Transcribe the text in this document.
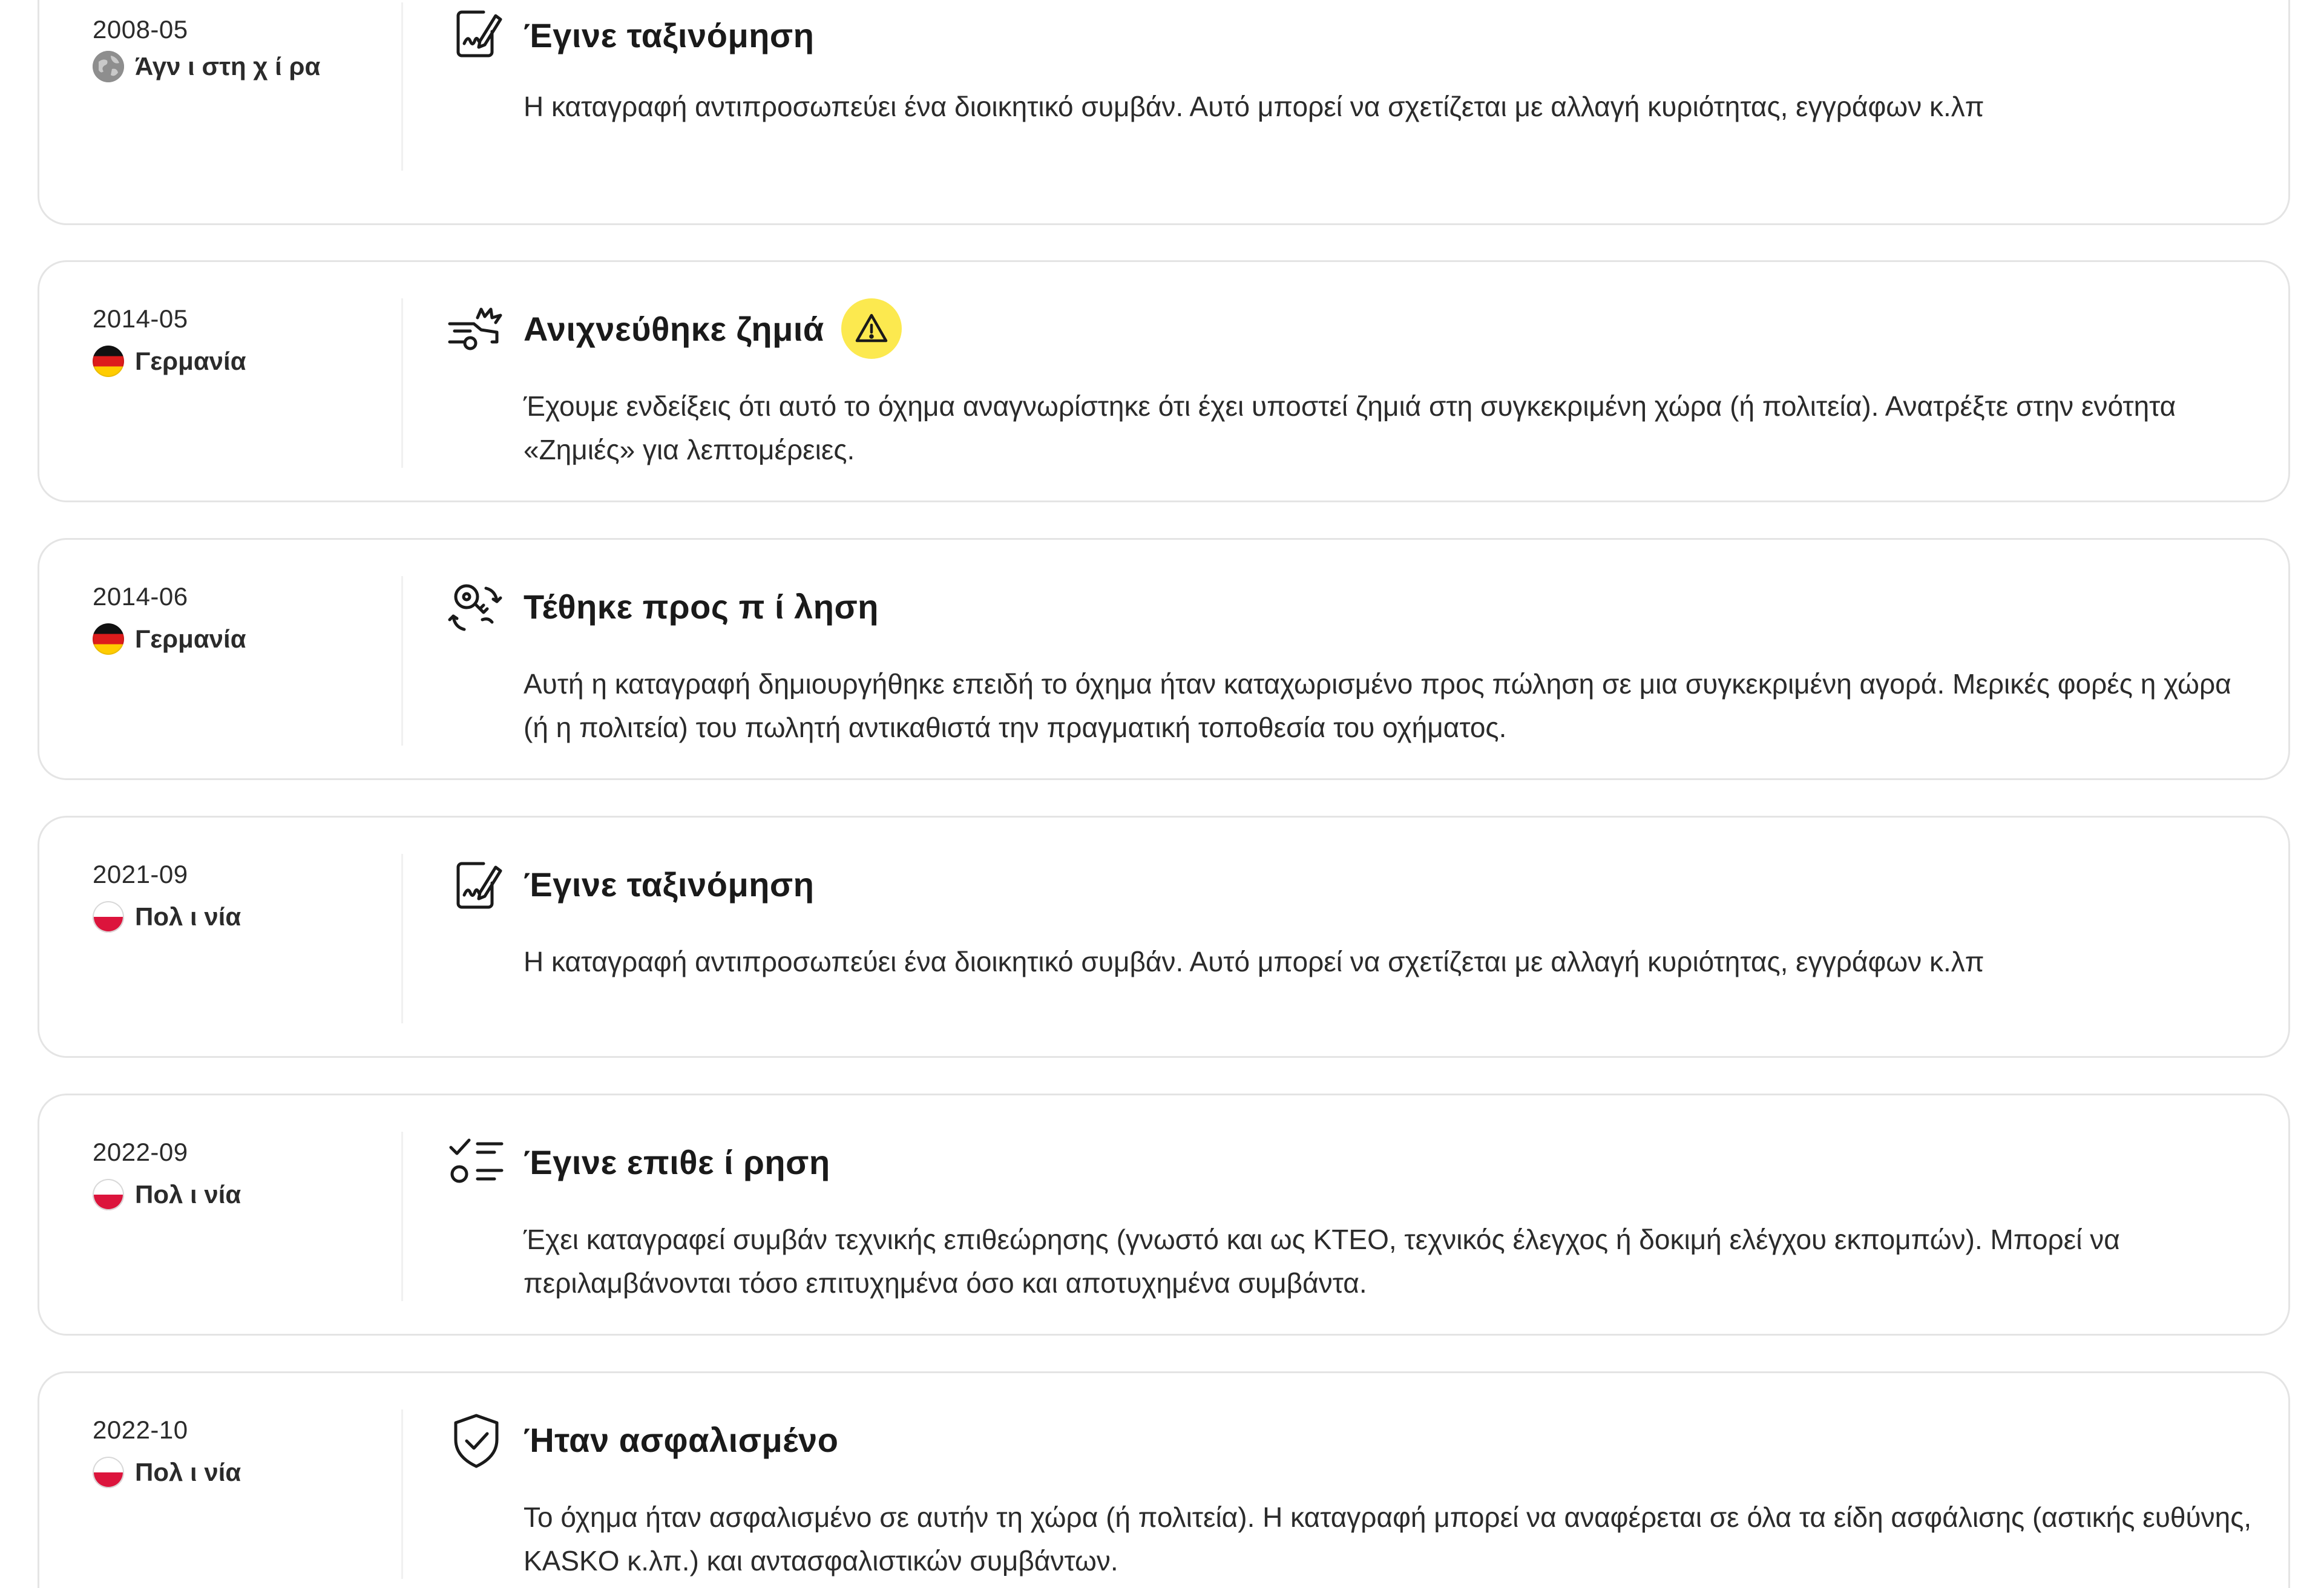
2008-05
Άγν ι στη χ ί ρα
Έγινε ταξινόμηση
Η καταγραφή αντιπροσωπεύει ένα διοικητικό συμβάν. Αυτό μπορεί να σχετίζεται με αλλαγή κυριότητας, εγγράφων κ.λπ
2014-05
Γερμανία
Ανιχνεύθηκε ζημιά
Έχουμε ενδείξεις ότι αυτό το όχημα αναγνωρίστηκε ότι έχει υποστεί ζημιά στη συγκεκριμένη χώρα (ή πολιτεία). Ανατρέξτε στην ενότητα «Ζημιές» για λεπτομέρειες.
2014-06
Γερμανία
Τέθηκε προς π ί ληση
Αυτή η καταγραφή δημιουργήθηκε επειδή το όχημα ήταν καταχωρισμένο προς πώληση σε μια συγκεκριμένη αγορά. Μερικές φορές η χώρα (ή η πολιτεία) του πωλητή αντικαθιστά την πραγματική τοποθεσία του οχήματος.
2021-09
Πολ ι νία
Έγινε ταξινόμηση
Η καταγραφή αντιπροσωπεύει ένα διοικητικό συμβάν. Αυτό μπορεί να σχετίζεται με αλλαγή κυριότητας, εγγράφων κ.λπ
2022-09
Πολ ι νία
Έγινε επιθε ί ρηση
Έχει καταγραφεί συμβάν τεχνικής επιθεώρησης (γνωστό και ως ΚΤΕΟ, τεχνικός έλεγχος ή δοκιμή ελέγχου εκπομπών). Μπορεί να περιλαμβάνονται τόσο επιτυχημένα όσο και αποτυχημένα συμβάντα.
2022-10
Πολ ι νία
Ήταν ασφαλισμένο
Το όχημα ήταν ασφαλισμένο σε αυτήν τη χώρα (ή πολιτεία). Η καταγραφή μπορεί να αναφέρεται σε όλα τα είδη ασφάλισης (αστικής ευθύνης, KASKO κ.λπ.) και αντασφαλιστικών συμβάντων.
